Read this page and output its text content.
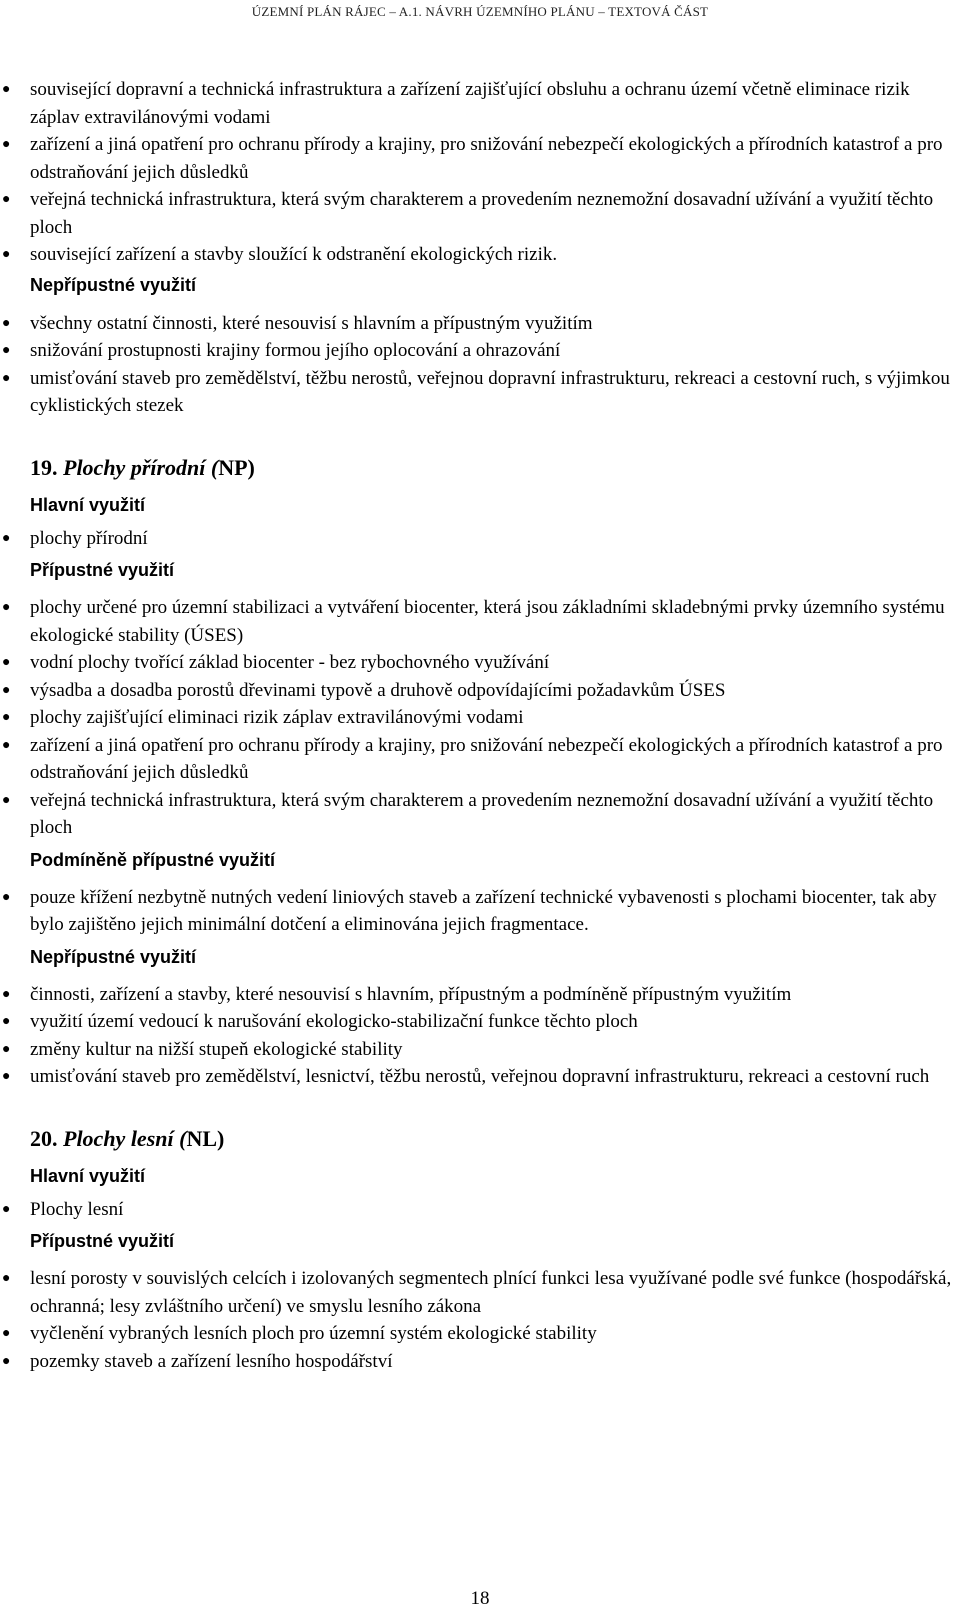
ÚZEMNÍ PLÁN RÁJEC – A.1. NÁVRH ÚZEMNÍHO PLÁNU – TEXTOVÁ ČÁST
● související dopravní a technická infrastruktura a zařízení zajišťující obsluhu a ochranu území včetně eliminace rizik záplav extravilánovými vodami
● zařízení a jiná opatření pro ochranu přírody a krajiny, pro snižování nebezpečí ekologických a přírodních katastrof a pro odstraňování jejich důsledků
● veřejná technická infrastruktura, která svým charakterem a provedením neznemožní dosavadní užívání a využití těchto ploch
● související zařízení a stavby sloužící k odstranění ekologických rizik.
Nepřípustné využití
● všechny ostatní činnosti, které nesouvisí s hlavním a přípustným využitím
● snižování prostupnosti krajiny formou jejího oplocování a ohrazování
● umisťování staveb pro zemědělství, těžbu nerostů, veřejnou dopravní infrastrukturu, rekreaci a cestovní ruch, s výjimkou cyklistických stezek
19. Plochy přírodní (NP)
Hlavní využití
● plochy přírodní
Přípustné využití
● plochy určené pro územní stabilizaci a vytváření biocenter, která jsou základními skladebnými prvky územního systému ekologické stability (ÚSES)
● vodní plochy tvořící základ biocenter - bez rybochovného využívání
● výsadba a dosadba porostů dřevinami typově a druhově odpovídajícími požadavkům ÚSES
● plochy zajišťující eliminaci rizik záplav extravilánovými vodami
● zařízení a jiná opatření pro ochranu přírody a krajiny, pro snižování nebezpečí ekologických a přírodních katastrof a pro odstraňování jejich důsledků
● veřejná technická infrastruktura, která svým charakterem a provedením neznemožní dosavadní užívání a využití těchto ploch
Podmíněně přípustné využití
● pouze křížení nezbytně nutných vedení liniových staveb a zařízení technické vybavenosti s plochami biocenter, tak aby bylo zajištěno jejich minimální dotčení a eliminována jejich fragmentace.
Nepřípustné využití
● činnosti, zařízení a stavby, které nesouvisí s hlavním, přípustným a podmíněně přípustným využitím
● využití území vedoucí k narušování ekologicko-stabilizační funkce těchto ploch
● změny kultur na nižší stupeň ekologické stability
● umisťování staveb pro zemědělství, lesnictví, těžbu nerostů, veřejnou dopravní infrastrukturu, rekreaci a cestovní ruch
20. Plochy lesní (NL)
Hlavní využití
● Plochy lesní
Přípustné využití
● lesní porosty v souvislých celcích i izolovaných segmentech plnící funkci lesa využívané podle své funkce (hospodářská, ochranná; lesy zvláštního určení) ve smyslu lesního zákona
● vyčlenění vybraných lesních ploch pro územní systém ekologické stability
● pozemky staveb a zařízení lesního hospodářství
18
